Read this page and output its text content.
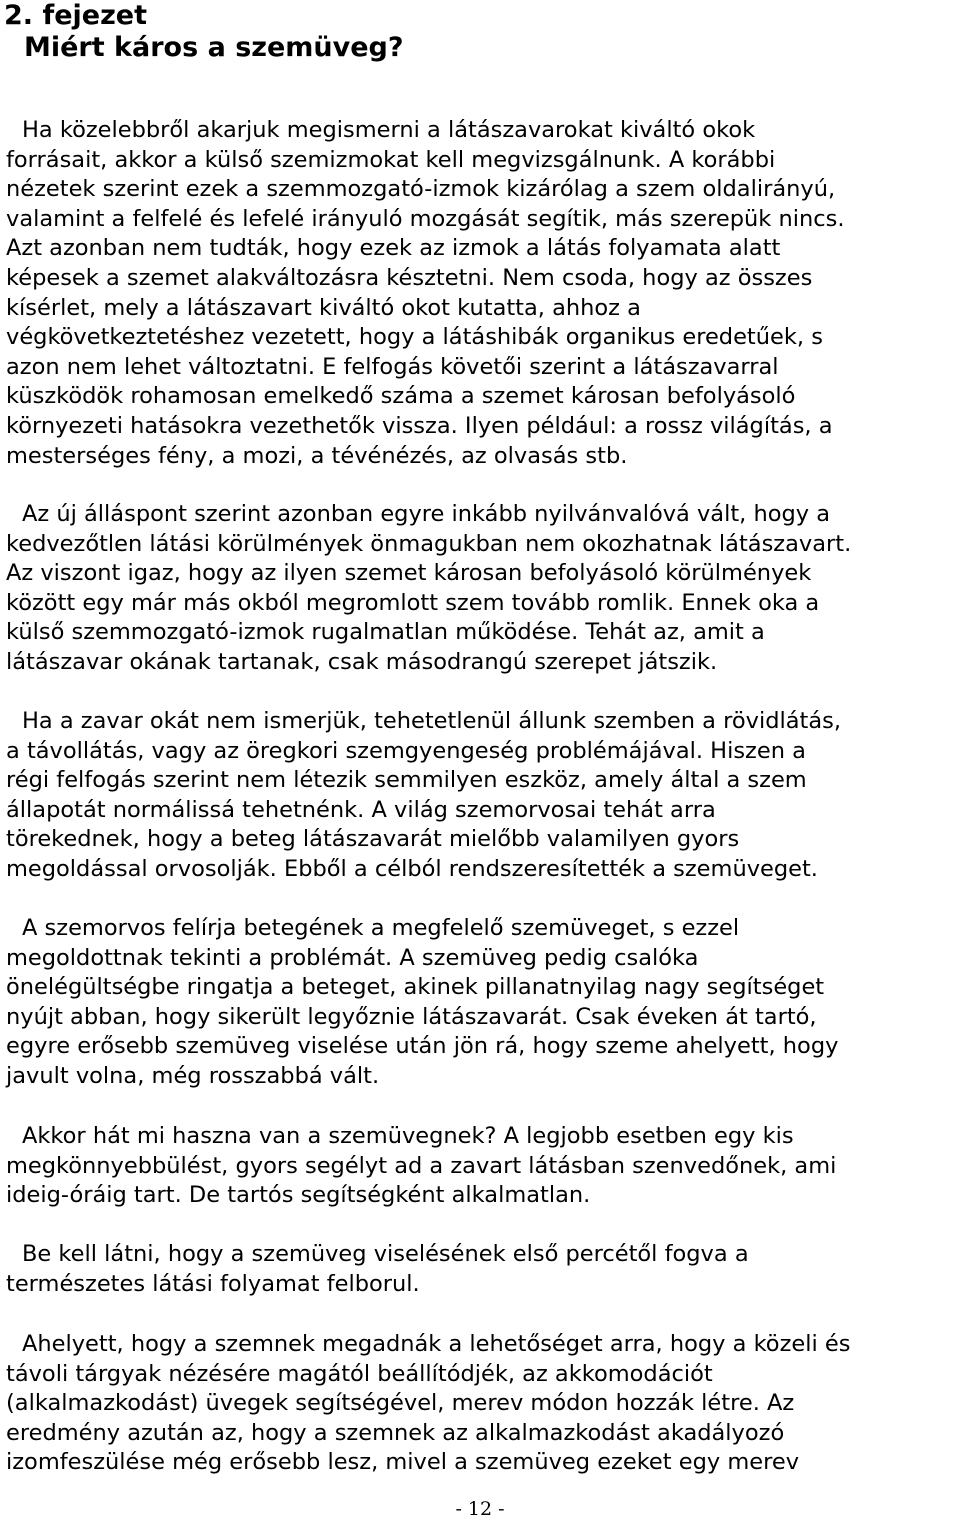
2. fejezet
Miért káros a szemüveg?
Ha közelebbről akarjuk megismerni a látászavarokat kiváltó okok
forrásait, akkor a külső szemizmokat kell megvizsgálnunk. A korábbi
nézetek szerint ezek a szemmozgató-izmok kizárólag a szem oldalirányú,
valamint a felfelé és lefelé irányuló mozgását segítik, más szerepük nincs.
Azt azonban nem tudták, hogy ezek az izmok a látás folyamata alatt
képesek a szemet alakváltozásra késztetni. Nem csoda, hogy az összes
kísérlet, mely a látászavart kiváltó okot kutatta, ahhoz a
végkövetkeztetéshez vezetett, hogy a látáshibák organikus eredetűek, s
azon nem lehet változtatni. E felfogás követői szerint a látászavarral
küszködök rohamosan emelkedő száma a szemet károsan befolyásoló
környezeti hatásokra vezethetők vissza. Ilyen például: a rossz világítás, a
mesterséges fény, a mozi, a tévénézés, az olvasás stb.
Az új álláspont szerint azonban egyre inkább nyilvánvalóvá vált, hogy a
kedvezőtlen látási körülmények önmagukban nem okozhatnak látászavart.
Az viszont igaz, hogy az ilyen szemet károsan befolyásoló körülmények
között egy már más okból megromlott szem tovább romlik. Ennek oka a
külső szemmozgató-izmok rugalmatlan működése. Tehát az, amit a
látászavar okának tartanak, csak másodrangú szerepet játszik.
Ha a zavar okát nem ismerjük, tehetetlenül állunk szemben a rövidlátás,
a távollátás, vagy az öregkori szemgyengeség problémájával. Hiszen a
régi felfogás szerint nem létezik semmilyen eszköz, amely által a szem
állapotát normálissá tehetnénk. A világ szemorvosai tehát arra
törekednek, hogy a beteg látászavarát mielőbb valamilyen gyors
megoldással orvosolják. Ebből a célból rendszeresítették a szemüveget.
A szemorvos felírja betegének a megfelelő szemüveget, s ezzel
megoldottnak tekinti a problémát. A szemüveg pedig csalóka
önelégültségbe ringatja a beteget, akinek pillanatnyilag nagy segítséget
nyújt abban, hogy sikerült legyőznie látászavarát. Csak éveken át tartó,
egyre erősebb szemüveg viselése után jön rá, hogy szeme ahelyett, hogy
javult volna, még rosszabbá vált.
Akkor hát mi haszna van a szemüvegnek? A legjobb esetben egy kis
megkönnyebbülést, gyors segélyt ad a zavart látásban szenvedőnek, ami
ideig-óráig tart. De tartós segítségként alkalmatlan.
Be kell látni, hogy a szemüveg viselésének első percétől fogva a
természetes látási folyamat felborul.
Ahelyett, hogy a szemnek megadnák a lehetőséget arra, hogy a közeli és
távoli tárgyak nézésére magától beállítódjék, az akkomodációt
(alkalmazkodást) üvegek segítségével, merev módon hozzák létre. Az
eredmény azután az, hogy a szemnek az alkalmazkodást akadályozó
izomfeszülése még erősebb lesz, mivel a szemüveg ezeket egy merev
- 12 -
